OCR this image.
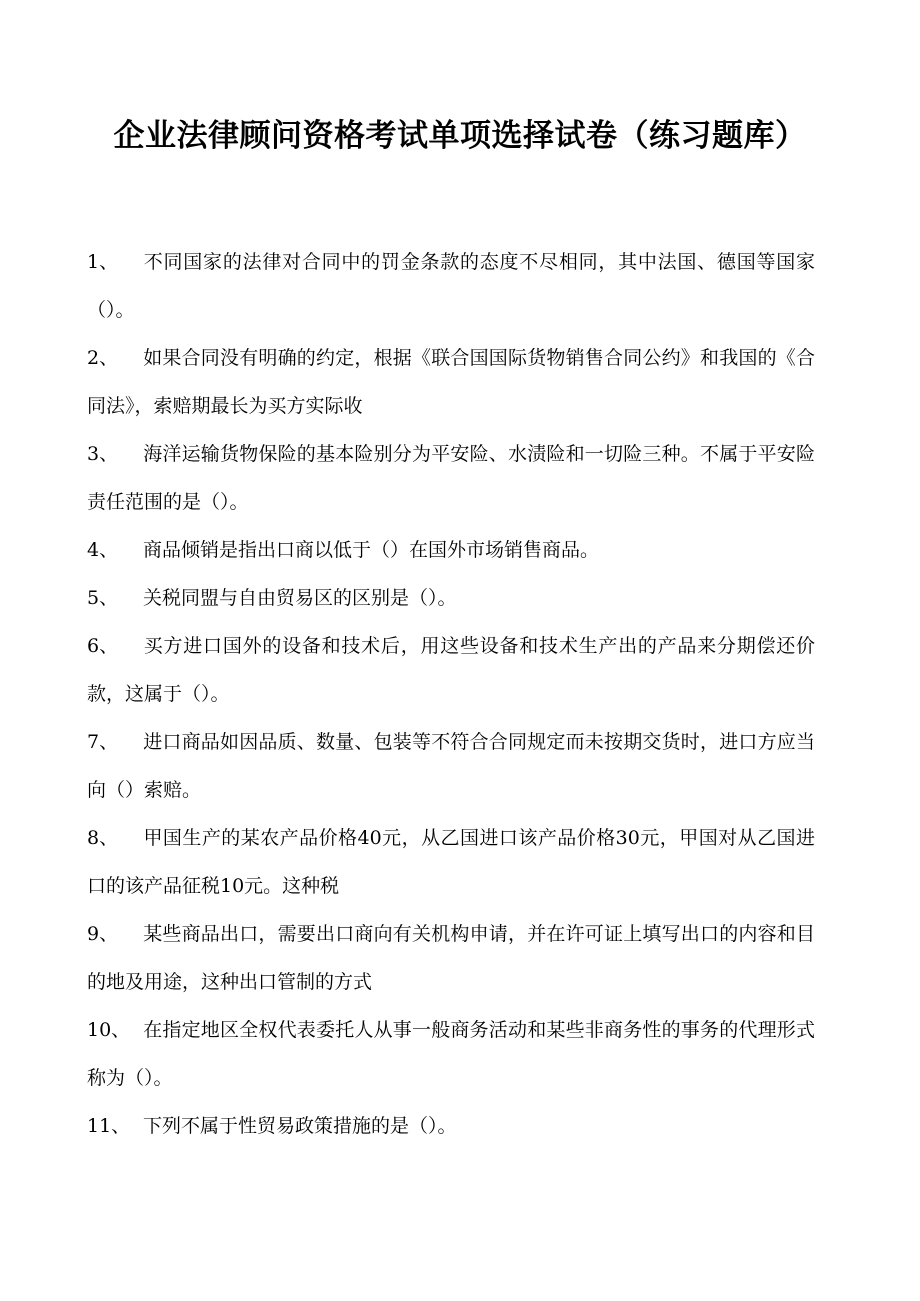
企业法律顾问资格考试单项选择试卷（练习题库）
1、 不同国家的法律对合同中的罚金条款的态度不尽相同，其中法国、德国等国家（）。
2、 如果合同没有明确的约定，根据《联合国国际货物销售合同公约》和我国的《合同法》，索赔期最长为买方实际收
3、 海洋运输货物保险的基本险别分为平安险、水渍险和一切险三种。不属于平安险责任范围的是（）。
4、 商品倾销是指出口商以低于（）在国外市场销售商品。
5、 关税同盟与自由贸易区的区别是（）。
6、 买方进口国外的设备和技术后，用这些设备和技术生产出的产品来分期偿还价款，这属于（）。
7、 进口商品如因品质、数量、包装等不符合合同规定而未按期交货时，进口方应当向（）索赔。
8、 甲国生产的某农产品价格40元，从乙国进口该产品价格30元，甲国对从乙国进口的该产品征税10元。这种税
9、 某些商品出口，需要出口商向有关机构申请，并在许可证上填写出口的内容和目的地及用途，这种出口管制的方式
10、 在指定地区全权代表委托人从事一般商务活动和某些非商务性的事务的代理形式称为（）。
11、 下列不属于性贸易政策措施的是（）。
